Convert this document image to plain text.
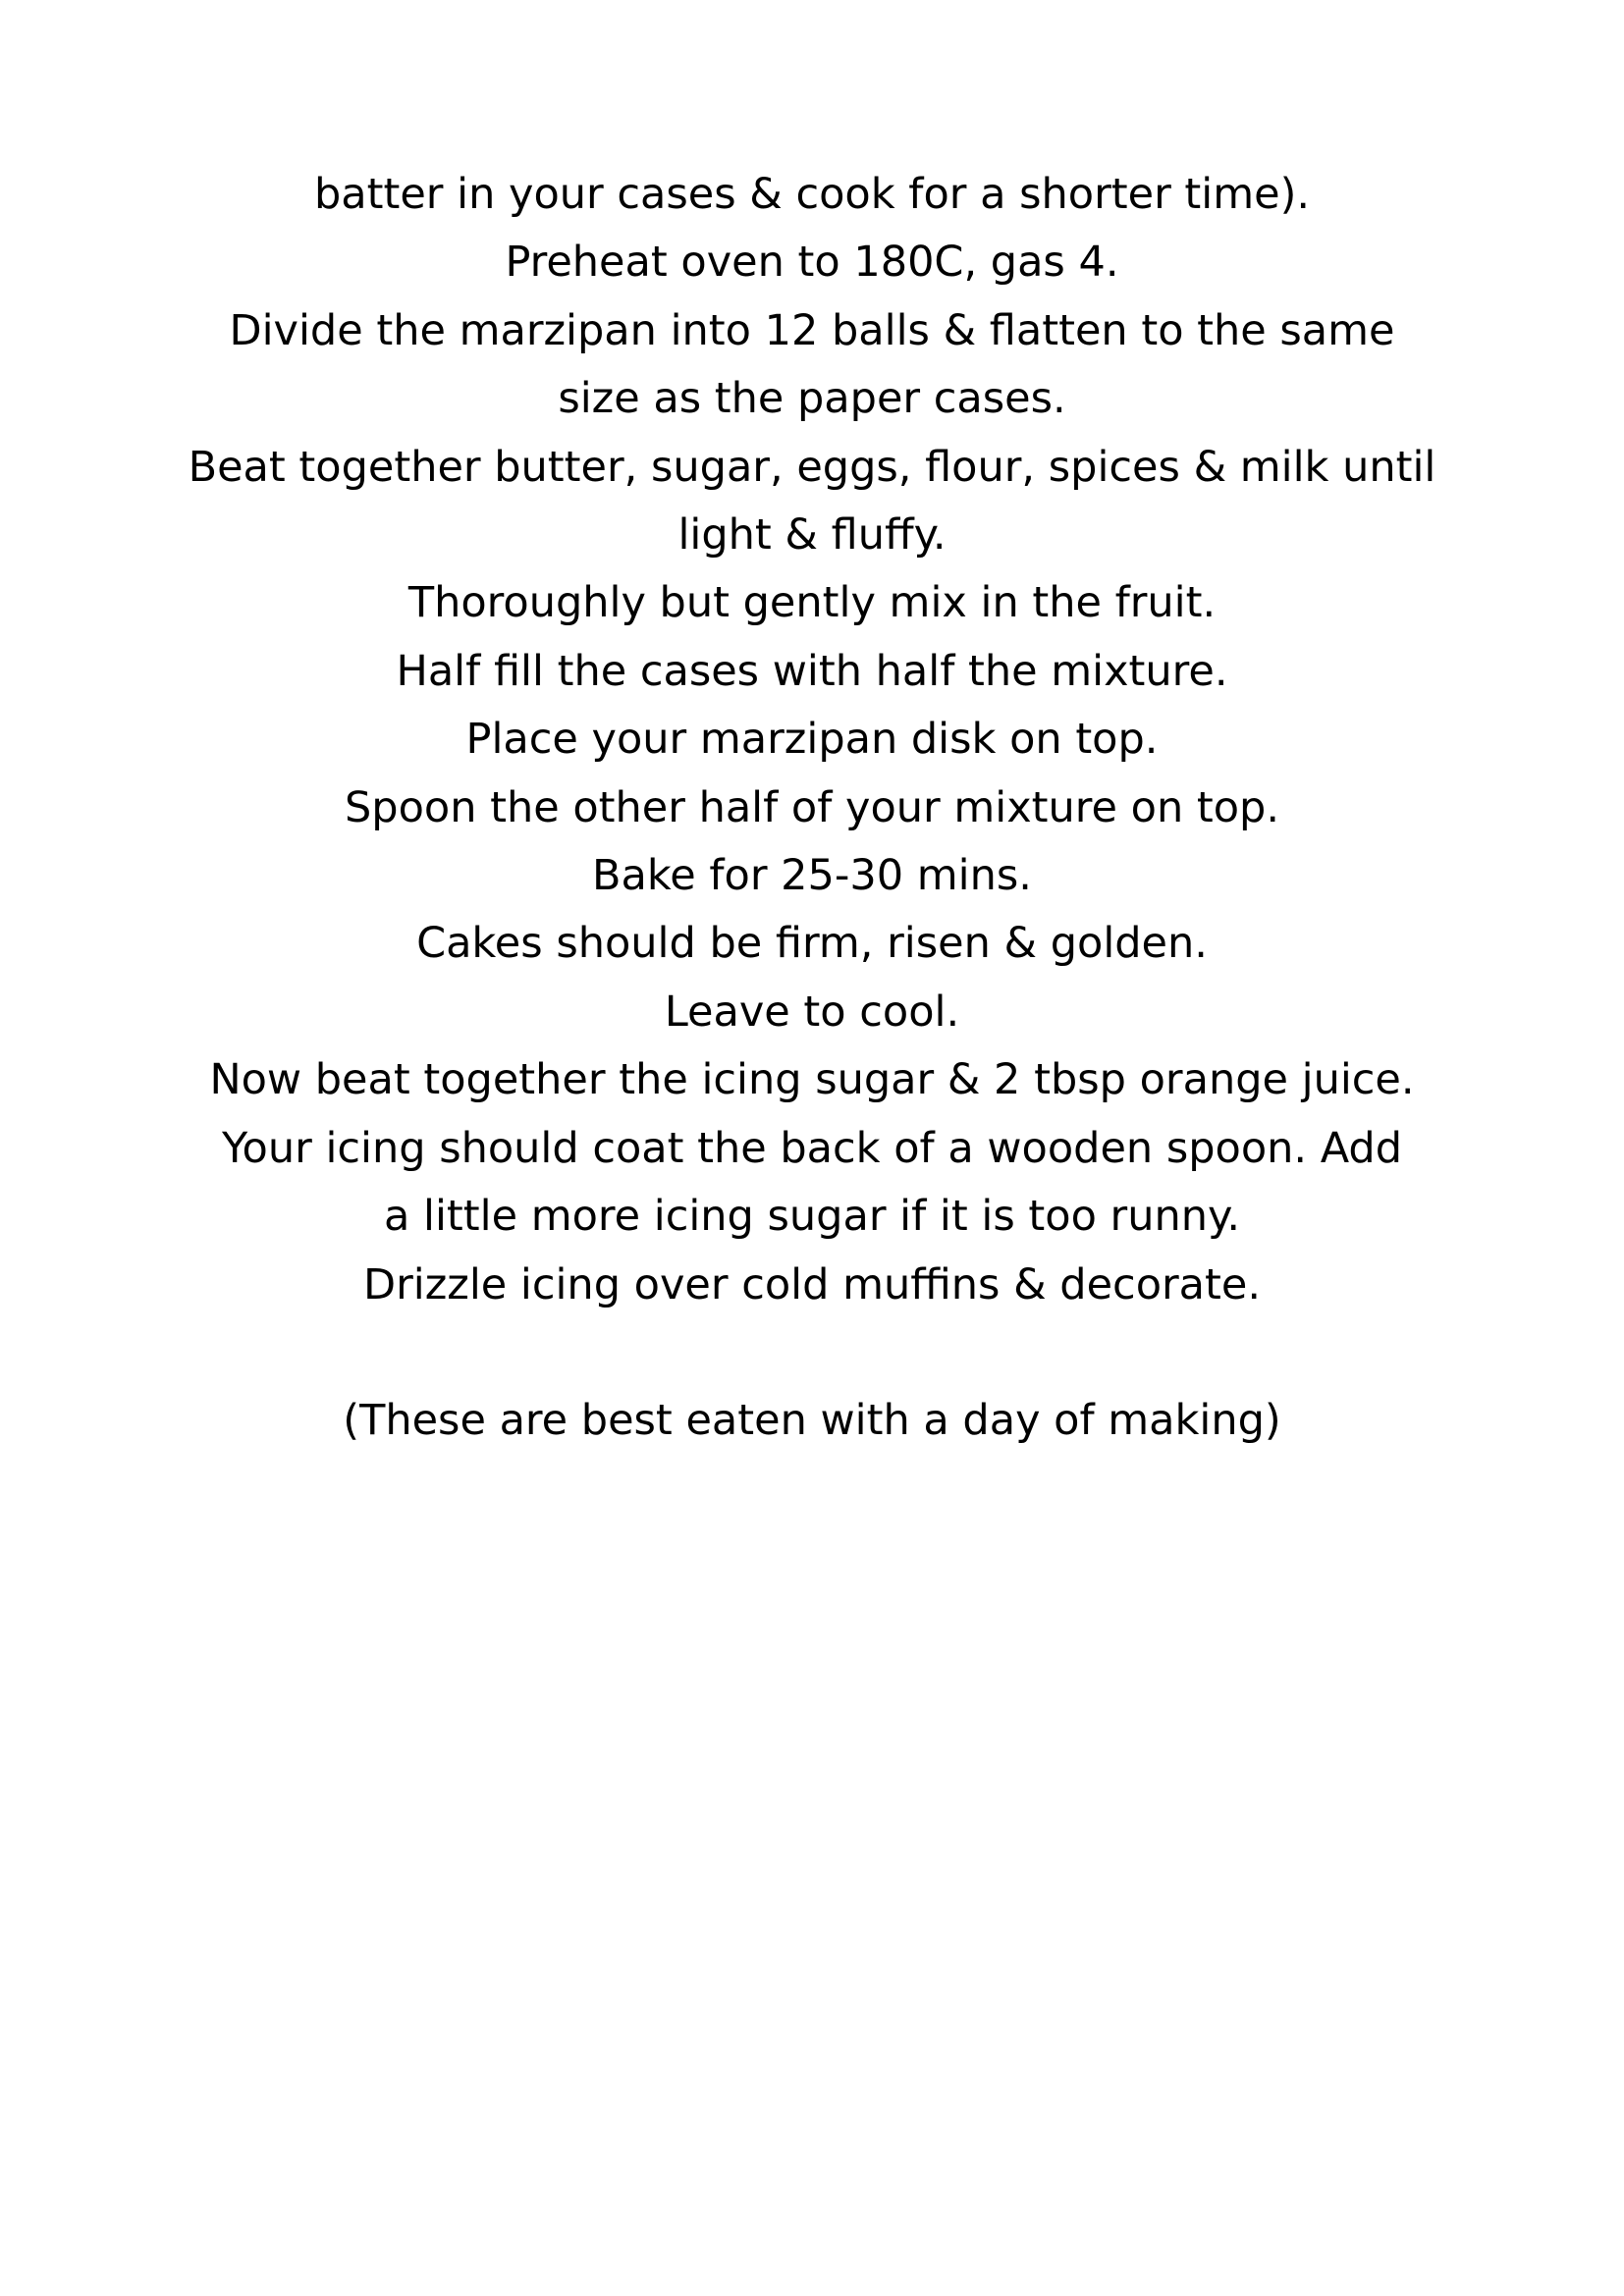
batter in your cases & cook for a shorter time).
Preheat oven to 180C, gas 4.
Divide the marzipan into 12 balls & flatten to the same
size as the paper cases.
Beat together butter, sugar, eggs, flour, spices & milk until
light & fluffy.
Thoroughly but gently mix in the fruit.
Half fill the cases with half the mixture.
Place your marzipan disk on top.
Spoon the other half of your mixture on top.
Bake for 25-30 mins.
Cakes should be firm, risen & golden.
Leave to cool.
Now beat together the icing sugar & 2 tbsp orange juice.
Your icing should coat the back of a wooden spoon. Add
a little more icing sugar if it is too runny.
Drizzle icing over cold muffins & decorate.
(These are best eaten with a day of making)
